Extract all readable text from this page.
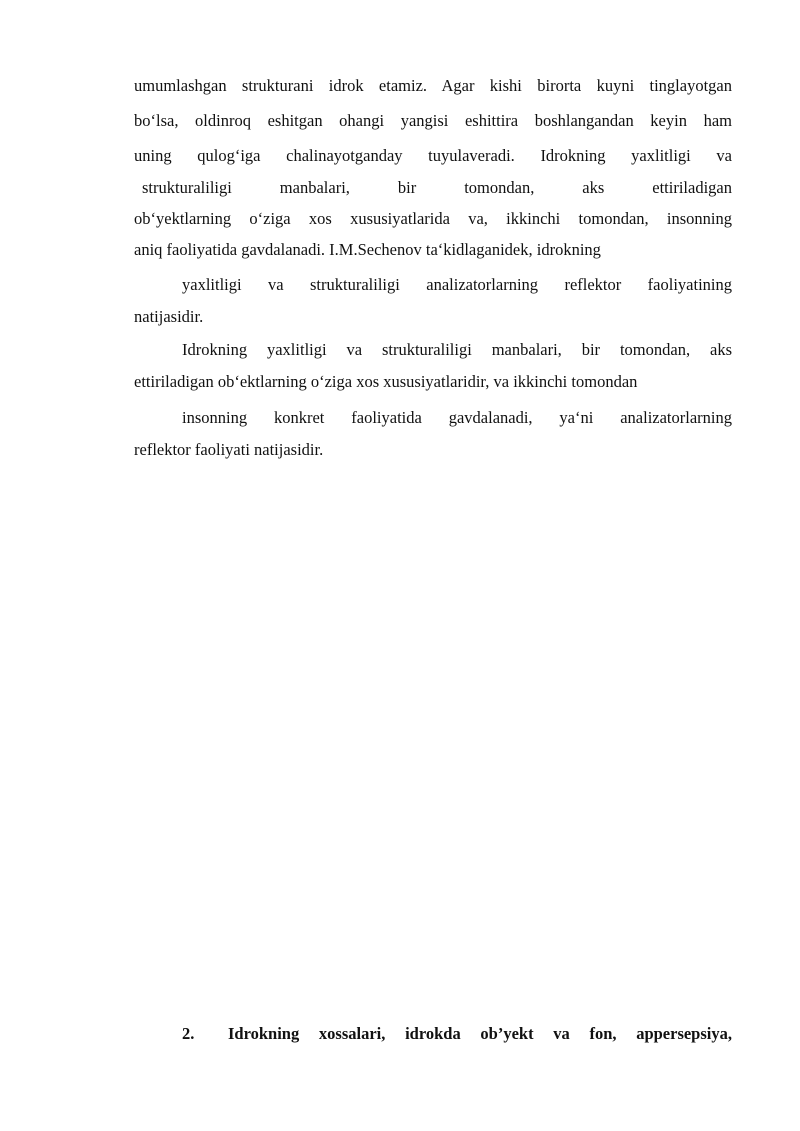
umumlashgan strukturani idrok etamiz. Agar kishi birorta kuyni tinglayotgan
bo‘lsa, oldinroq eshitgan ohangi yangisi eshittira boshlangandan keyin ham
uning qulog‘iga chalinayotganday tuyulaveradi. Idrokning yaxlitligi va
strukturaliligi manbalari, bir tomondan, aks ettiriladigan
ob‘yektlarning o‘ziga xos xususiyatlarida va, ikkinchi tomondan, insonning
aniq faoliyatida gavdalanadi. I.M.Sechenov ta‘kidlaganidek, idrokning
yaxlitligi va strukturaliligi analizatorlarning reflektor faoliyatining
natijasidir.
Idrokning yaxlitligi va strukturaliligi manbalari, bir tomondan, aks
ettiriladigan ob‘ektlarning o‘ziga xos xususiyatlaridir, va ikkinchi tomondan
insonning konkret faoliyatida gavdalanadi, ya‘ni analizatorlarning
reflektor faoliyati natijasidir.
2.	Idrokning xossalari, idrokda ob’yekt va fon, appersepsiya,
